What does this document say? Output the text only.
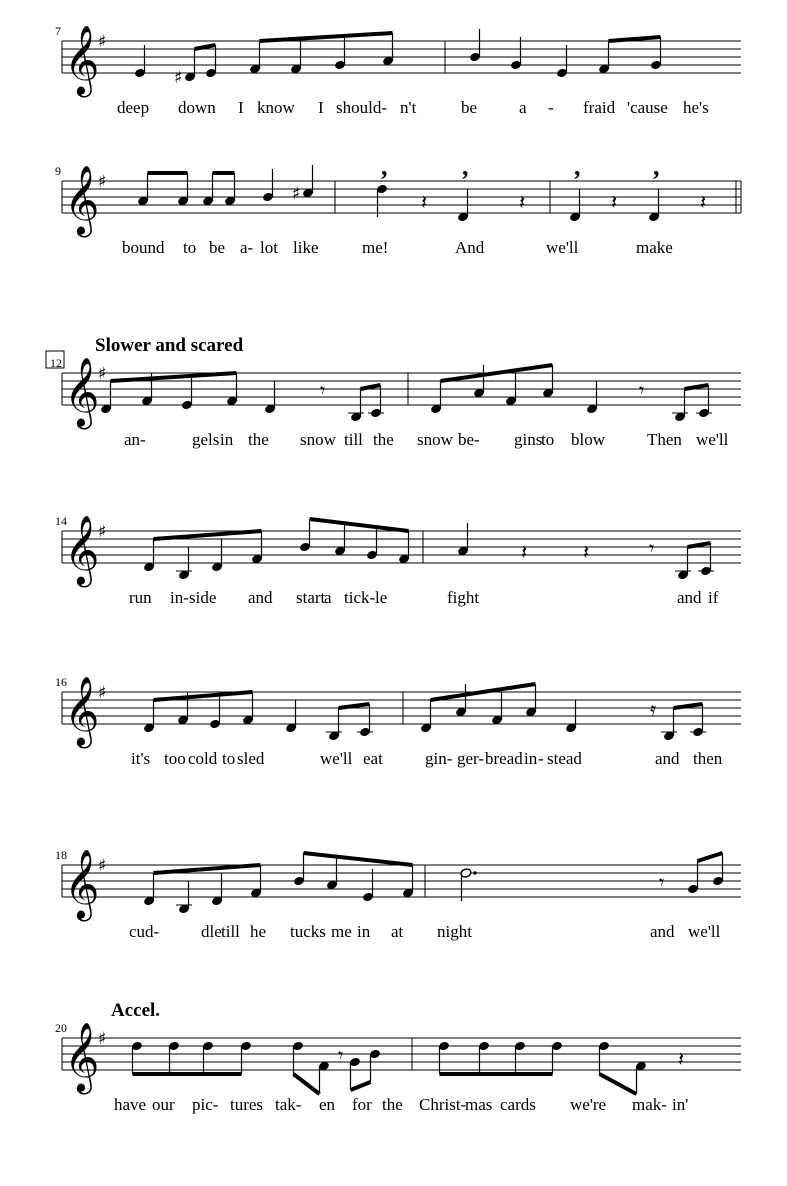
𝄞
♯
7
♯
deep down I know I should- n't	be a - fraid 'cause he's
𝄞
♯
9
♯
,	,	,	,
𝄽	𝄽	𝄽	𝄽
bound to be a- lot like	me!	And	we'll	make
𝄞
♯
12
Slower and scared
𝄾	𝄾
an-	gels in the snow till the snow be- gins
to blow Then we'll
𝄞
♯
14
𝄽	𝄽	𝄾
run in- side and start
a tick- le	fight	and if
𝄞
♯
16
𝄿
it's too cold to sled	we'll eat gin- ger- bread in - stead	and then
𝄞
♯
18
𝄾
cud- dle till he tucks me in at night	and we'll
𝄞
♯
20
Accel.
𝄽
𝄾
have our pic- tures tak- en for the Christ-
mas cards we're mak- in'
